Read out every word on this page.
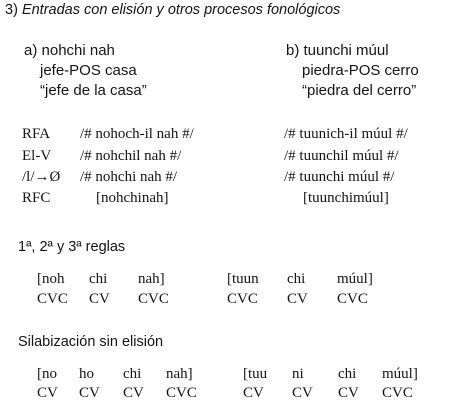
3) Entradas con elisión y otros procesos fonológicos
a) nohchi nah
jefe-POS casa
“jefe de la casa”
b) tuunchi múul
piedra-POS cerro
“piedra del cerro”
RFA /# nohoch-il nah #/	/# tuunich-il múul #/
El-V /# nohchil nah #/	/# tuunchil múul #/
/l/→Ø /# nohchi nah #/	/# tuunchi múul #/
RFC	[nohchinah]	[tuunchimúul]
1ª, 2ª y 3ª reglas
[noh chi nah]	[tuun chi múul]
CVC CV CVC	CVC CV CVC
Silabización sin elisión
[no ho chi nah]	[tuu ni chi múul]
CV CV CV CVC	CV CV CV CVC
